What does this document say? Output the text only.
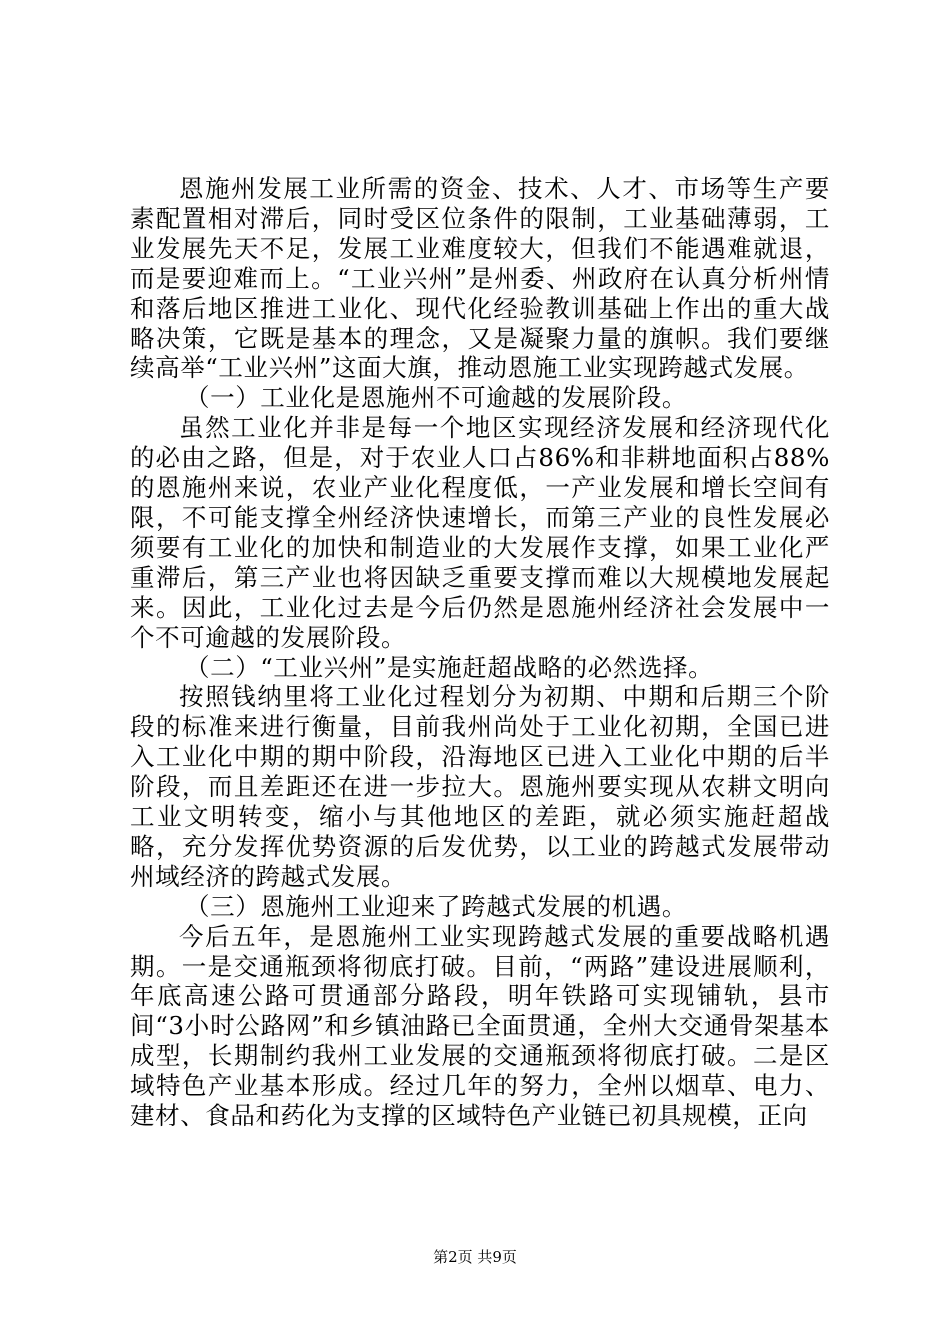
恩施州发展工业所需的资金、技术、人才、市场等生产要素配置相对滞后，同时受区位条件的限制，工业基础薄弱，工业发展先天不足，发展工业难度较大，但我们不能遇难就退，而是要迎难而上。“工业兴州”是州委、州政府在认真分析州情和落后地区推进工业化、现代化经验教训基础上作出的重大战略决策，它既是基本的理念，又是凝聚力量的旗帜。我们要继续高举“工业兴州”这面大旗，推动恩施工业实现跨越式发展。

（一）工业化是恩施州不可逾越的发展阶段。

虽然工业化并非是每一个地区实现经济发展和经济现代化的必由之路，但是，对于农业人口占86%和非耕地面积占88%的恩施州来说，农业产业化程度低，一产业发展和增长空间有限，不可能支撑全州经济快速增长，而第三产业的良性发展必须要有工业化的加快和制造业的大发展作支撑，如果工业化严重滞后，第三产业也将因缺乏重要支撑而难以大规模地发展起来。因此，工业化过去是今后仍然是恩施州经济社会发展中一个不可逾越的发展阶段。

（二）“工业兴州”是实施赶超战略的必然选择。

按照钱纳里将工业化过程划分为初期、中期和后期三个阶段的标准来进行衡量，目前我州尚处于工业化初期，全国已进入工业化中期的期中阶段，沿海地区已进入工业化中期的后半阶段，而且差距还在进一步拉大。恩施州要实现从农耕文明向工业文明转变，缩小与其他地区的差距，就必须实施赶超战略，充分发挥优势资源的后发优势，以工业的跨越式发展带动州域经济的跨越式发展。

（三）恩施州工业迎来了跨越式发展的机遇。

今后五年，是恩施州工业实现跨越式发展的重要战略机遇期。一是交通瓶颈将彻底打破。目前，“两路”建设进展顺利，年底高速公路可贯通部分路段，明年铁路可实现铺轨，县市间“3小时公路网”和乡镇油路已全面贯通，全州大交通骨架基本成型，长期制约我州工业发展的交通瓶颈将彻底打破。二是区域特色产业基本形成。经过几年的努力，全州以烟草、电力、建材、食品和药化为支撑的区域特色产业链已初具规模，正向

第2页 共9页
